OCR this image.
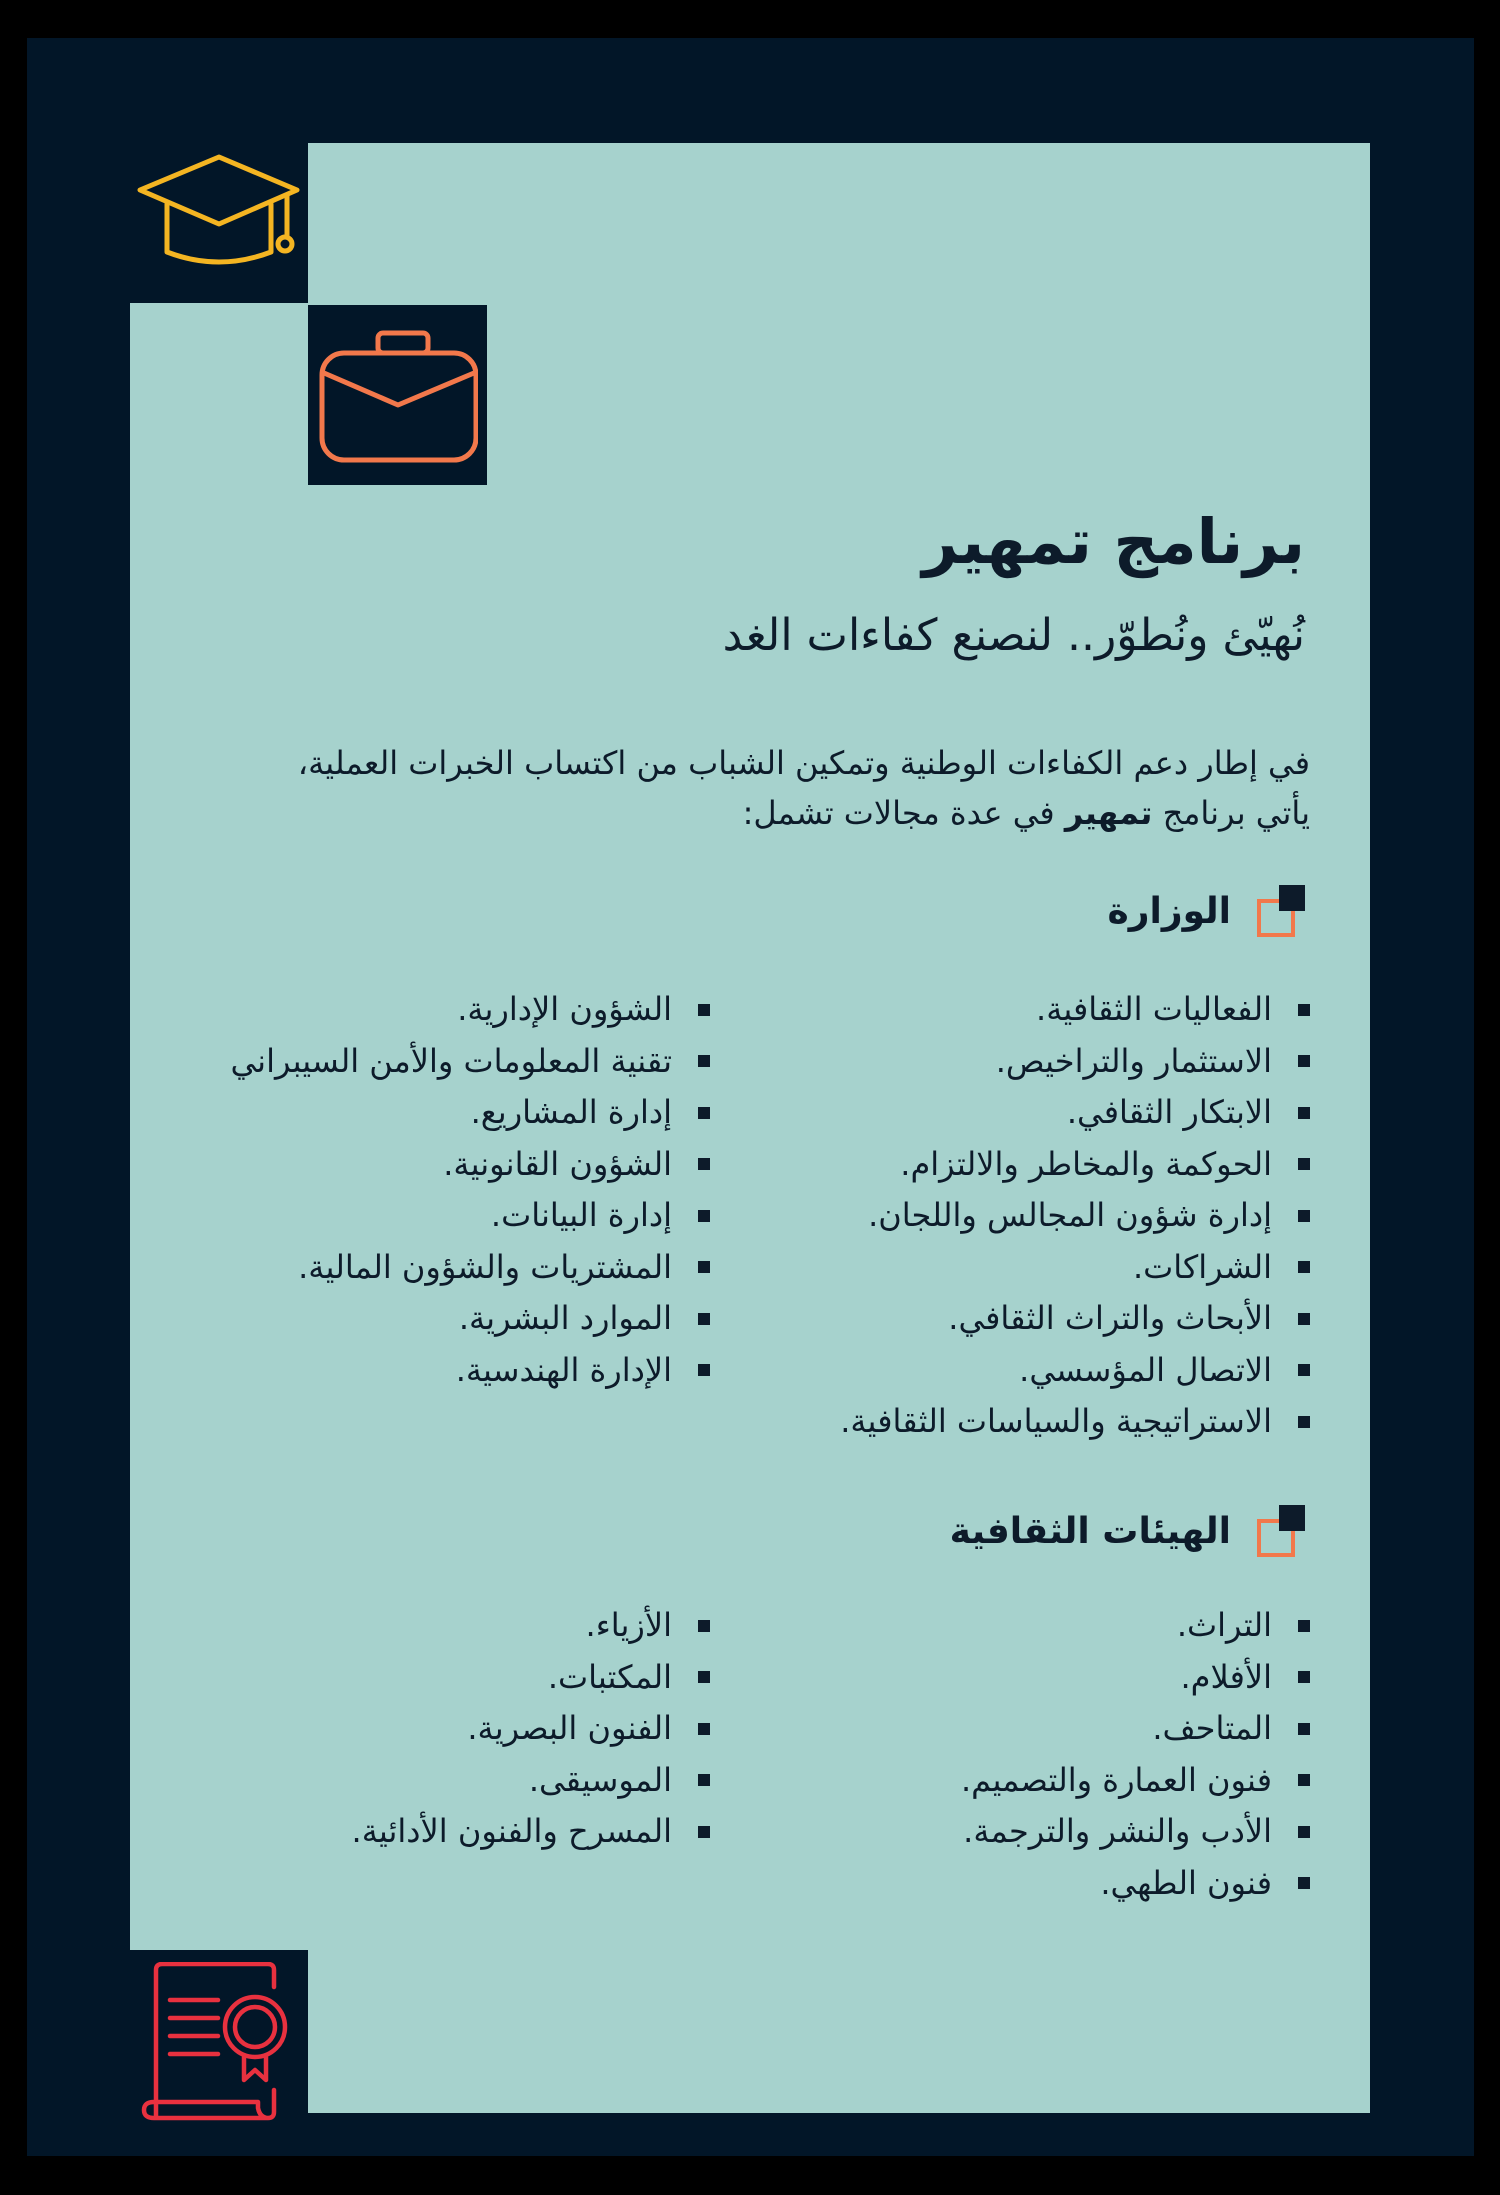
برنامج تمهير
نُهيّئ ونُطوّر.. لنصنع كفاءات الغد

في إطار دعم الكفاءات الوطنية وتمكين الشباب من اكتساب الخبرات العملية،
يأتي برنامج تمهير في عدة مجالات تشمل:

الوزارة
الفعاليات الثقافية.
الاستثمار والتراخيص.
الابتكار الثقافي.
الحوكمة والمخاطر والالتزام.
إدارة شؤون المجالس واللجان.
الشراكات.
الأبحاث والتراث الثقافي.
الاتصال المؤسسي.
الاستراتيجية والسياسات الثقافية.
الشؤون الإدارية.
تقنية المعلومات والأمن السيبراني
إدارة المشاريع.
الشؤون القانونية.
إدارة البيانات.
المشتريات والشؤون المالية.
الموارد البشرية.
الإدارة الهندسية.
الهيئات الثقافية
التراث.
الأفلام.
المتاحف.
فنون العمارة والتصميم.
الأدب والنشر والترجمة.
فنون الطهي.
الأزياء.
المكتبات.
الفنون البصرية.
الموسيقى.
المسرح والفنون الأدائية.
